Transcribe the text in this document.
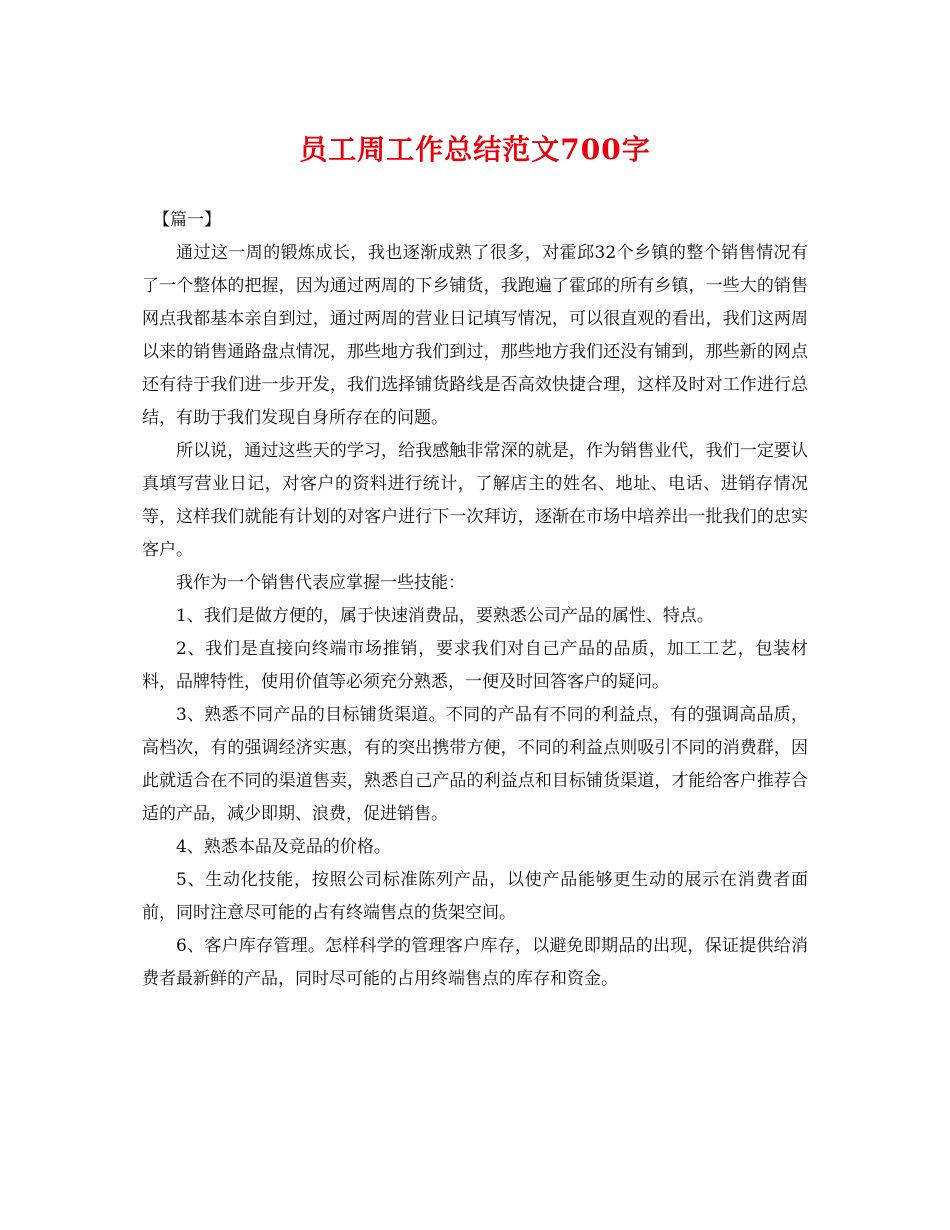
员工周工作总结范文700字

【篇一】

通过这一周的锻炼成长，我也逐渐成熟了很多，对霍邱32个乡镇的整个销售情况有了一个整体的把握，因为通过两周的下乡铺货，我跑遍了霍邱的所有乡镇，一些大的销售网点我都基本亲自到过，通过两周的营业日记填写情况，可以很直观的看出，我们这两周以来的销售通路盘点情况，那些地方我们到过，那些地方我们还没有铺到，那些新的网点还有待于我们进一步开发，我们选择铺货路线是否高效快捷合理，这样及时对工作进行总结，有助于我们发现自身所存在的问题。

所以说，通过这些天的学习，给我感触非常深的就是，作为销售业代，我们一定要认真填写营业日记，对客户的资料进行统计，了解店主的姓名、地址、电话、进销存情况等，这样我们就能有计划的对客户进行下一次拜访，逐渐在市场中培养出一批我们的忠实客户。

我作为一个销售代表应掌握一些技能：

1、我们是做方便的，属于快速消费品，要熟悉公司产品的属性、特点。

2、我们是直接向终端市场推销，要求我们对自己产品的品质，加工工艺，包装材料，品牌特性，使用价值等必须充分熟悉，一便及时回答客户的疑问。

3、熟悉不同产品的目标铺货渠道。不同的产品有不同的利益点，有的强调高品质，高档次，有的强调经济实惠，有的突出携带方便，不同的利益点则吸引不同的消费群，因此就适合在不同的渠道售卖，熟悉自己产品的利益点和目标铺货渠道，才能给客户推荐合适的产品，减少即期、浪费，促进销售。

4、熟悉本品及竞品的价格。

5、生动化技能，按照公司标准陈列产品，以使产品能够更生动的展示在消费者面前，同时注意尽可能的占有终端售点的货架空间。

6、客户库存管理。怎样科学的管理客户库存，以避免即期品的出现，保证提供给消费者最新鲜的产品，同时尽可能的占用终端售点的库存和资金。
